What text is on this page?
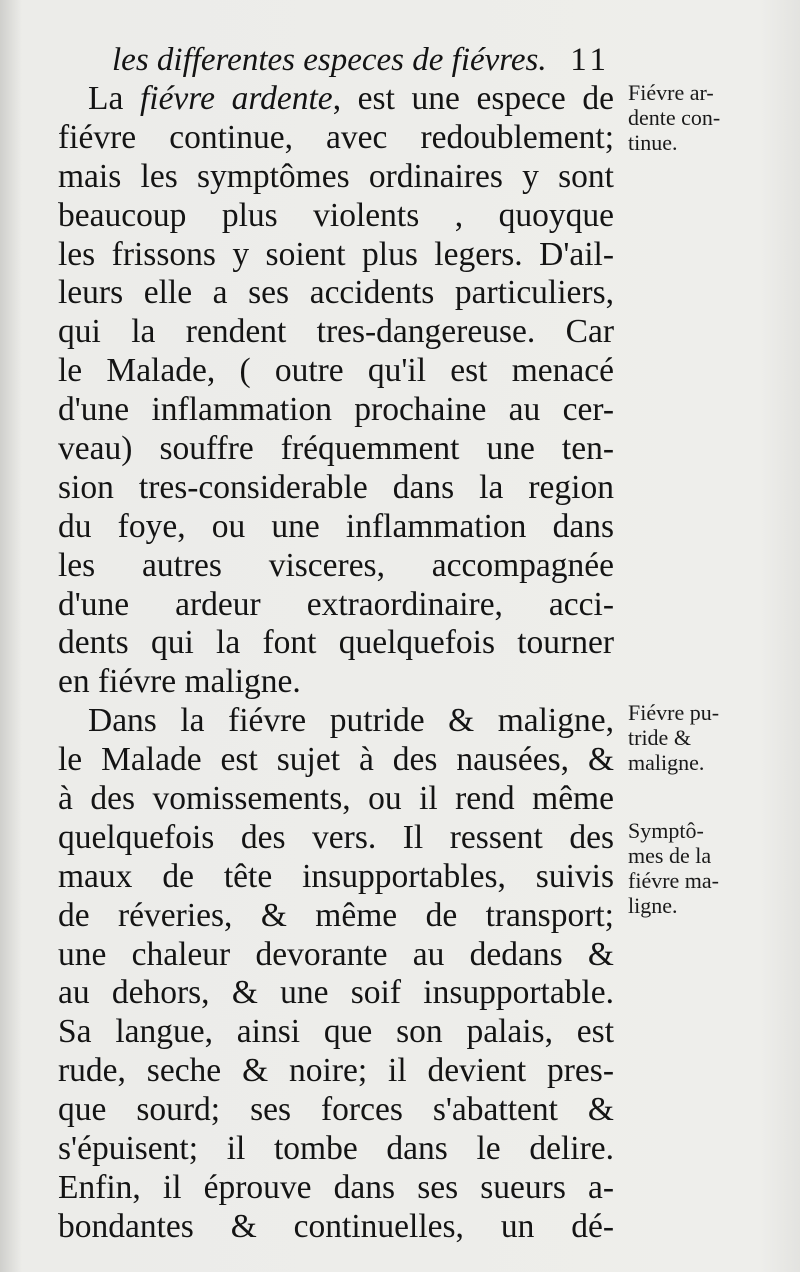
les differentes especes de fiévres. 11
La fiévre ardente, est une espece de
fiévre continue, avec redoublement;
mais les symptômes ordinaires y sont
beaucoup plus violents , quoyque
les frissons y soient plus legers. D'ail-
leurs elle a ses accidents particuliers,
qui la rendent tres-dangereuse. Car
le Malade, ( outre qu'il est menacé
d'une inflammation prochaine au cer-
veau) souffre fréquemment une ten-
sion tres-considerable dans la region
du foye, ou une inflammation dans
les autres visceres, accompagnée
d'une ardeur extraordinaire, acci-
dents qui la font quelquefois tourner
en fiévre maligne.
Dans la fiévre putride & maligne,
le Malade est sujet à des nausées, &
à des vomissements, ou il rend même
quelquefois des vers. Il ressent des
maux de tête insupportables, suivis
de réveries, & même de transport;
une chaleur devorante au dedans &
au dehors, & une soif insupportable.
Sa langue, ainsi que son palais, est
rude, seche & noire; il devient pres-
que sourd; ses forces s'abattent &
s'épuisent; il tombe dans le delire.
Enfin, il éprouve dans ses sueurs a-
bondantes & continuelles, un dé-
Fiévre ar-
dente con-
tinue.
Fiévre pu-
tride &
maligne.
Symptô-
mes de la
fiévre ma-
ligne.
